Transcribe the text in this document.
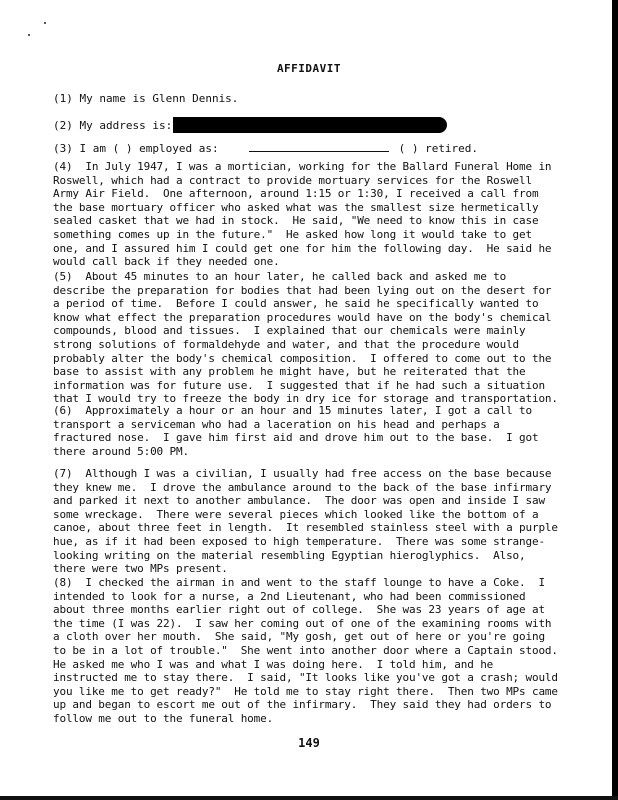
AFFIDAVIT
(1) My name is Glenn Dennis.
(2) My address is:
(3) I am ( ) employed as:	( ) retired.
(4)  In July 1947, I was a mortician, working for the Ballard Funeral Home in
Roswell, which had a contract to provide mortuary services for the Roswell
Army Air Field.  One afternoon, around 1:15 or 1:30, I received a call from
the base mortuary officer who asked what was the smallest size hermetically
sealed casket that we had in stock.  He said, "We need to know this in case
something comes up in the future."  He asked how long it would take to get
one, and I assured him I could get one for him the following day.  He said he
would call back if they needed one.
(5)  About 45 minutes to an hour later, he called back and asked me to
describe the preparation for bodies that had been lying out on the desert for
a period of time.  Before I could answer, he said he specifically wanted to
know what effect the preparation procedures would have on the body's chemical
compounds, blood and tissues.  I explained that our chemicals were mainly
strong solutions of formaldehyde and water, and that the procedure would
probably alter the body's chemical composition.  I offered to come out to the
base to assist with any problem he might have, but he reiterated that the
information was for future use.  I suggested that if he had such a situation
that I would try to freeze the body in dry ice for storage and transportation.
(6)  Approximately a hour or an hour and 15 minutes later, I got a call to
transport a serviceman who had a laceration on his head and perhaps a
fractured nose.  I gave him first aid and drove him out to the base.  I got
there around 5:00 PM.
(7)  Although I was a civilian, I usually had free access on the base because
they knew me.  I drove the ambulance around to the back of the base infirmary
and parked it next to another ambulance.  The door was open and inside I saw
some wreckage.  There were several pieces which looked like the bottom of a
canoe, about three feet in length.  It resembled stainless steel with a purple
hue, as if it had been exposed to high temperature.  There was some strange-
looking writing on the material resembling Egyptian hieroglyphics.  Also,
there were two MPs present.
(8)  I checked the airman in and went to the staff lounge to have a Coke.  I
intended to look for a nurse, a 2nd Lieutenant, who had been commissioned
about three months earlier right out of college.  She was 23 years of age at
the time (I was 22).  I saw her coming out of one of the examining rooms with
a cloth over her mouth.  She said, "My gosh, get out of here or you're going
to be in a lot of trouble."  She went into another door where a Captain stood.
He asked me who I was and what I was doing here.  I told him, and he
instructed me to stay there.  I said, "It looks like you've got a crash; would
you like me to get ready?"  He told me to stay right there.  Then two MPs came
up and began to escort me out of the infirmary.  They said they had orders to
follow me out to the funeral home.
149
